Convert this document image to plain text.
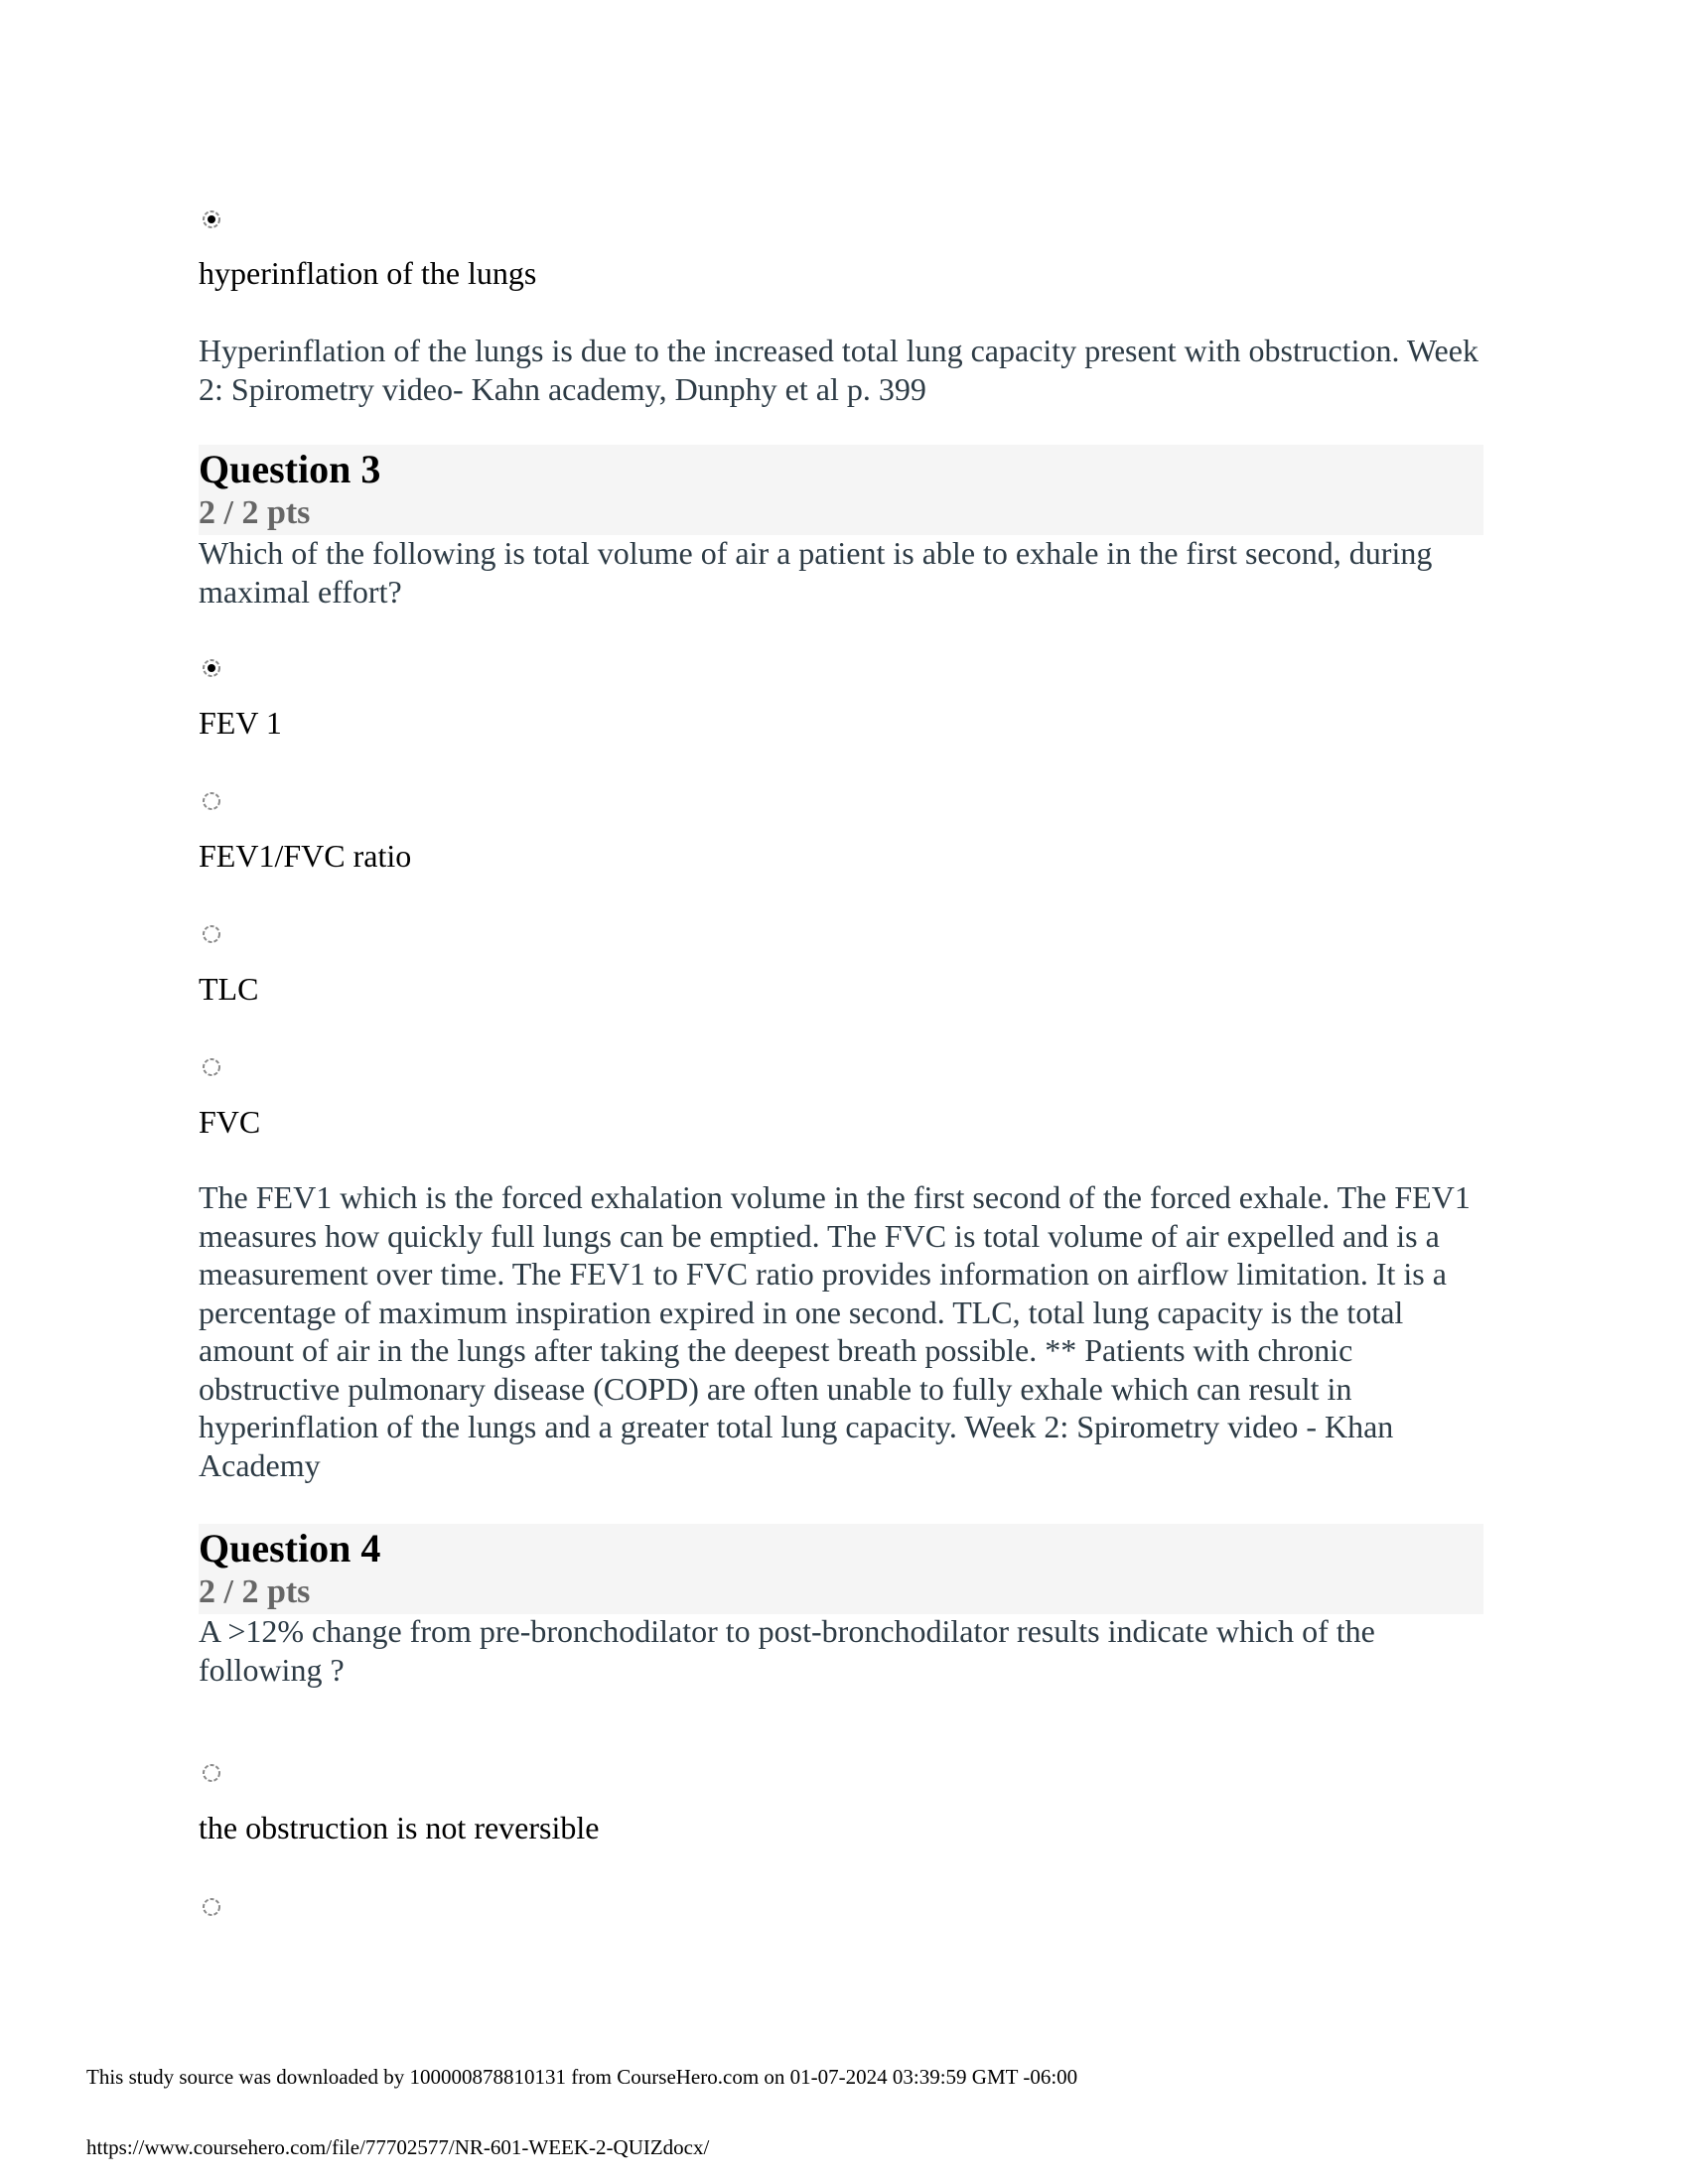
hyperinflation of the lungs
Hyperinflation of the lungs is due to the increased total lung capacity present with obstruction. Week 2: Spirometry video- Kahn academy, Dunphy et al p. 399
Question 3
2 / 2 pts
Which of the following is total volume of air a patient is able to exhale in the first second, during maximal effort?
FEV 1
FEV1/FVC ratio
TLC
FVC
The FEV1 which is the forced exhalation volume in the first second of the forced exhale. The FEV1 measures how quickly full lungs can be emptied. The FVC is total volume of air expelled and is a measurement over time. The FEV1 to FVC ratio provides information on airflow limitation. It is a percentage of maximum inspiration expired in one second. TLC, total lung capacity is the total amount of air in the lungs after taking the deepest breath possible. ** Patients with chronic obstructive pulmonary disease (COPD) are often unable to fully exhale which can result in hyperinflation of the lungs and a greater total lung capacity. Week 2: Spirometry video - Khan Academy
Question 4
2 / 2 pts
A >12% change from pre-bronchodilator to post-bronchodilator results indicate which of the following ?
the obstruction is not reversible
This study source was downloaded by 100000878810131 from CourseHero.com on 01-07-2024 03:39:59 GMT -06:00
https://www.coursehero.com/file/77702577/NR-601-WEEK-2-QUIZdocx/
